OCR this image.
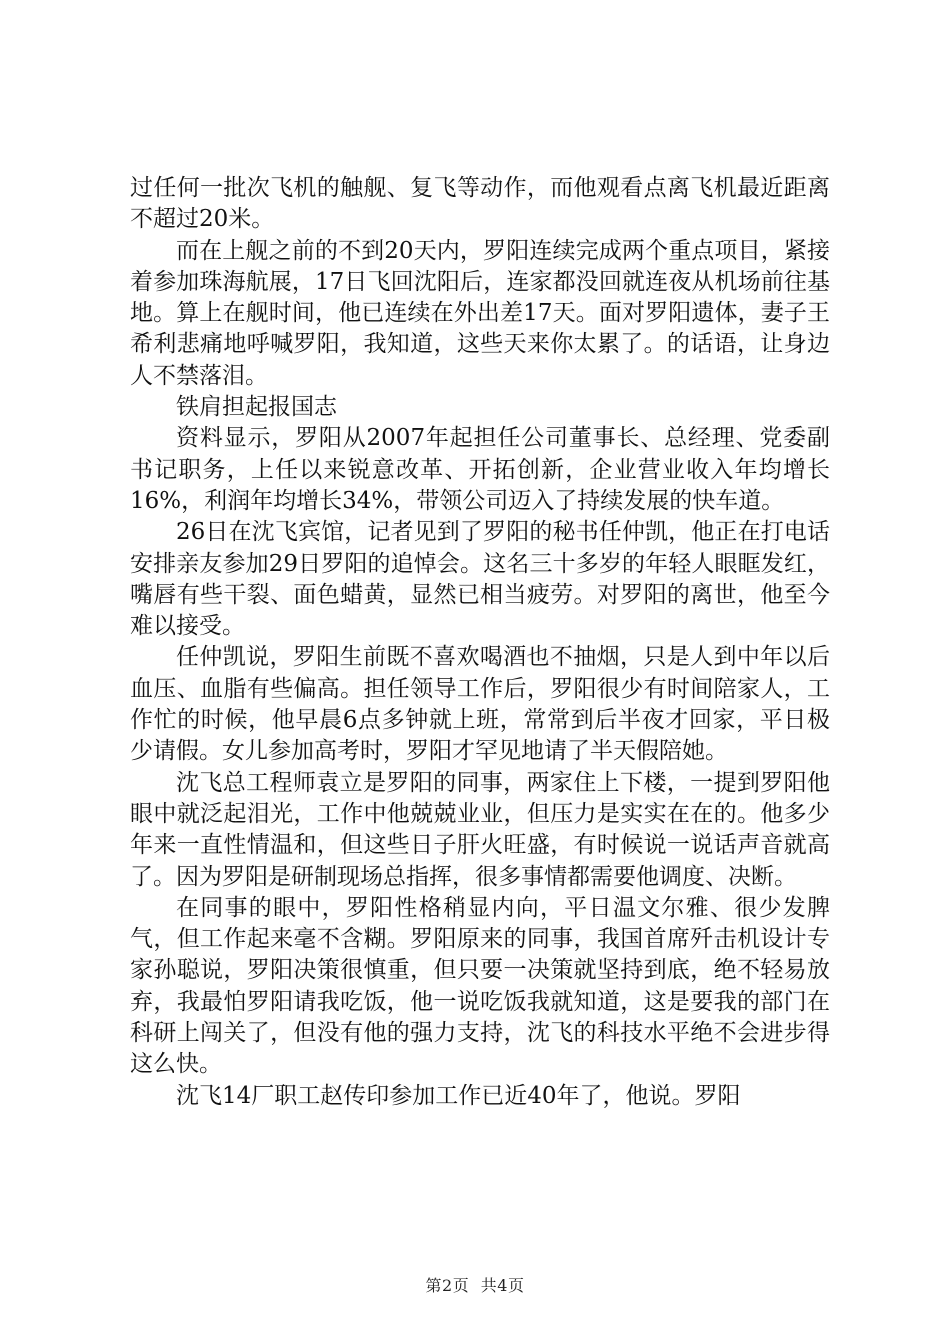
过任何一批次飞机的触舰、复飞等动作，而他观看点离飞机最近距离不超过20米。

而在上舰之前的不到20天内，罗阳连续完成两个重点项目，紧接着参加珠海航展，17日飞回沈阳后，连家都没回就连夜从机场前往基地。算上在舰时间，他已连续在外出差17天。面对罗阳遗体，妻子王希利悲痛地呼喊罗阳，我知道，这些天来你太累了。的话语，让身边人不禁落泪。

铁肩担起报国志

资料显示，罗阳从2007年起担任公司董事长、总经理、党委副书记职务，上任以来锐意改革、开拓创新，企业营业收入年均增长16%，利润年均增长34%，带领公司迈入了持续发展的快车道。

26日在沈飞宾馆，记者见到了罗阳的秘书任仲凯，他正在打电话安排亲友参加29日罗阳的追悼会。这名三十多岁的年轻人眼眶发红，嘴唇有些干裂、面色蜡黄，显然已相当疲劳。对罗阳的离世，他至今难以接受。

任仲凯说，罗阳生前既不喜欢喝酒也不抽烟，只是人到中年以后血压、血脂有些偏高。担任领导工作后，罗阳很少有时间陪家人，工作忙的时候，他早晨6点多钟就上班，常常到后半夜才回家，平日极少请假。女儿参加高考时，罗阳才罕见地请了半天假陪她。

沈飞总工程师袁立是罗阳的同事，两家住上下楼，一提到罗阳他眼中就泛起泪光，工作中他兢兢业业，但压力是实实在在的。他多少年来一直性情温和，但这些日子肝火旺盛，有时候说一说话声音就高了。因为罗阳是研制现场总指挥，很多事情都需要他调度、决断。

在同事的眼中，罗阳性格稍显内向，平日温文尔雅、很少发脾气，但工作起来毫不含糊。罗阳原来的同事，我国首席歼击机设计专家孙聪说，罗阳决策很慎重，但只要一决策就坚持到底，绝不轻易放弃，我最怕罗阳请我吃饭，他一说吃饭我就知道，这是要我的部门在科研上闯关了，但没有他的强力支持，沈飞的科技水平绝不会进步得这么快。

沈飞14厂职工赵传印参加工作已近40年了，他说。罗阳

第2页 共4页
